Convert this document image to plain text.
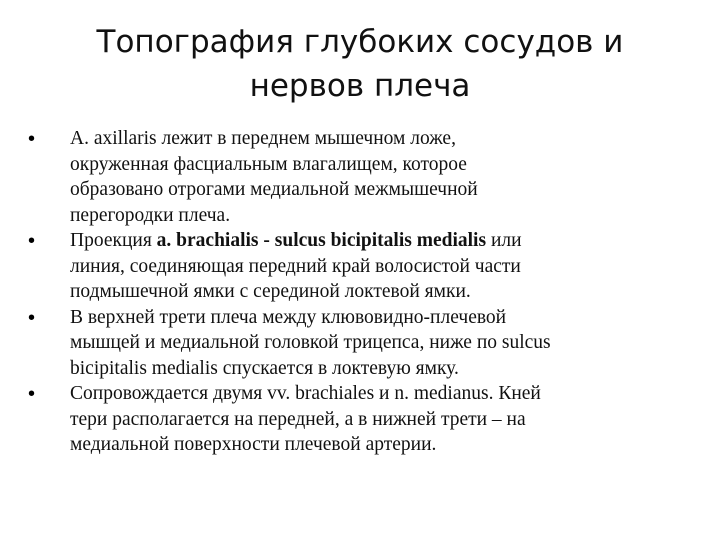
Топография глубоких сосудов и
нервов плеча
• А. axillaris лежит в переднем мышечном ложе,
окруженная фасциальным влагалищем, которое
образовано отрогами медиальной межмышечной
перегородки плеча.
• Проекция a. brachialis - sulcus bicipitalis medialis или
линия, соединяющая передний край волосистой части
подмышечной ямки с серединой локтевой ямки.
• В верхней трети плеча между клювовидно-плечевой
мышцей и медиальной головкой трицепса, ниже по sulcus
bicipitalis medialis спускается в локтевую ямку.
• Сопровождается двумя vv. brachiales и n. medianus. Кней
тери располагается на передней, а в нижней трети – на
медиальной поверхности плечевой артерии.
